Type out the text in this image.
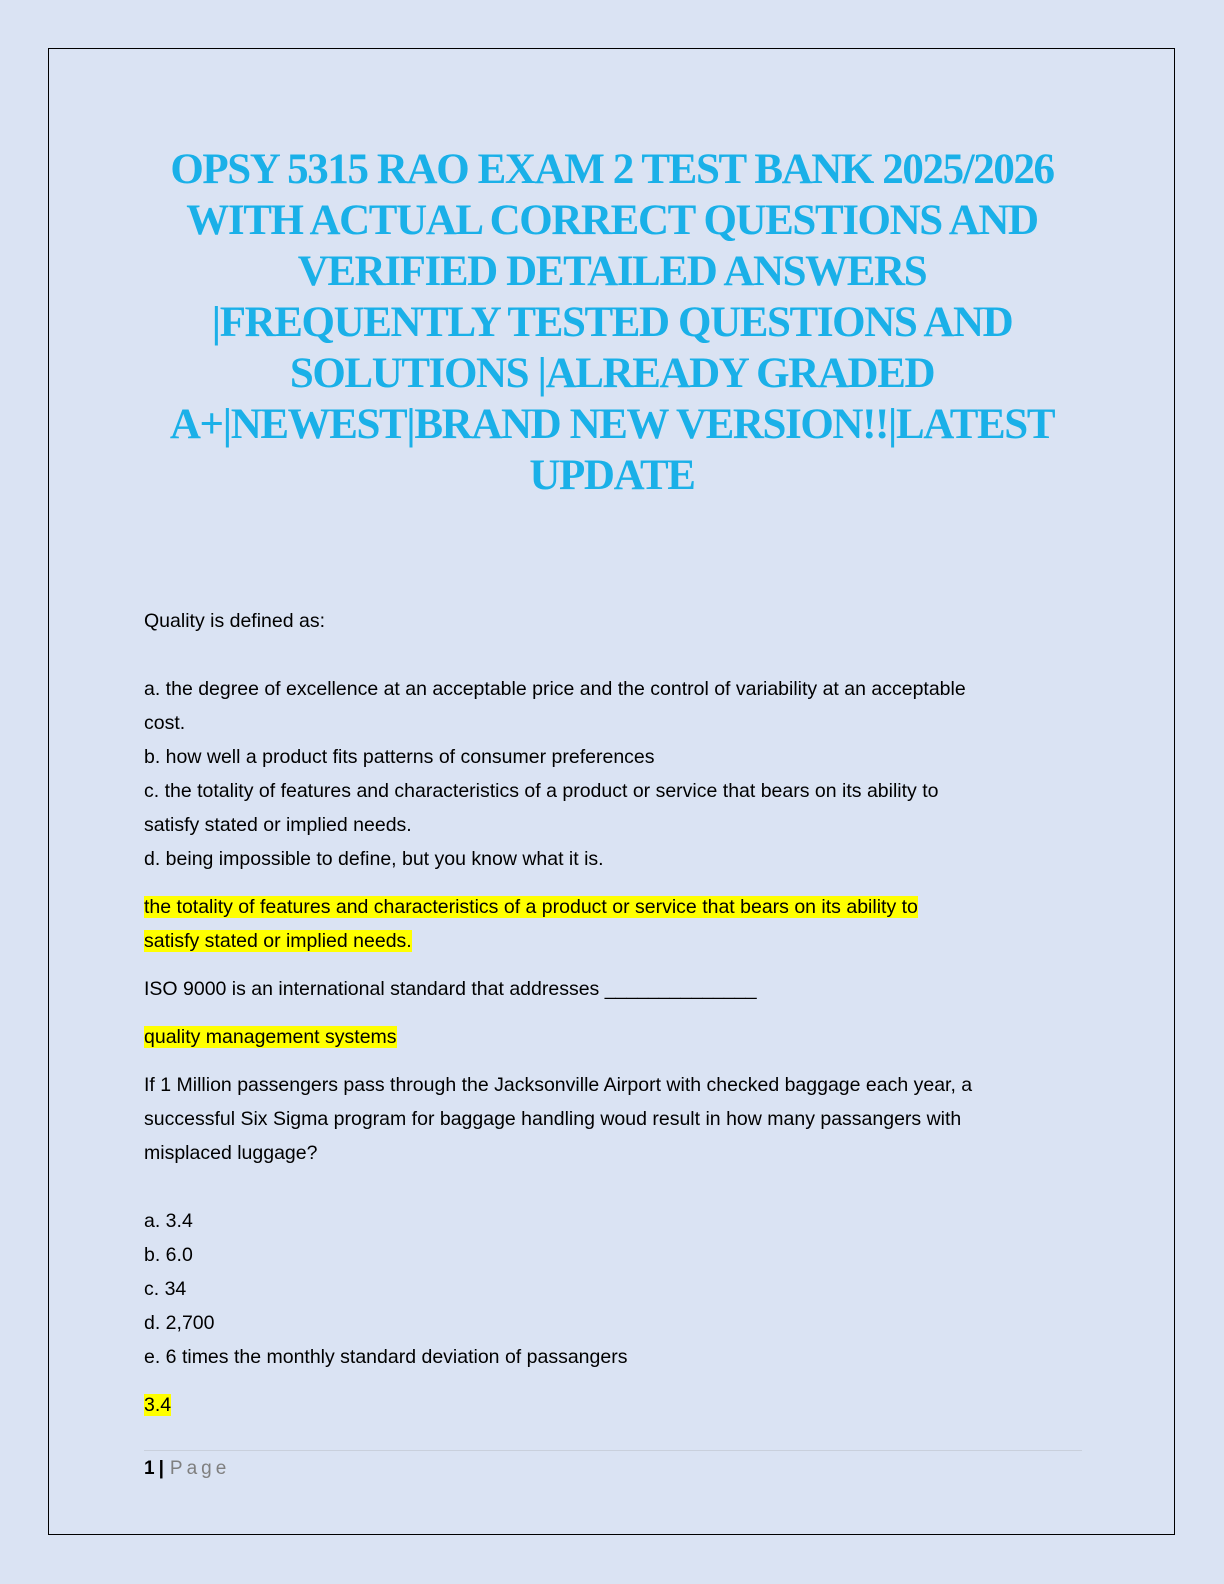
OPSY 5315 RAO EXAM 2 TEST BANK 2025/2026
WITH ACTUAL CORRECT QUESTIONS AND
VERIFIED DETAILED ANSWERS
|FREQUENTLY TESTED QUESTIONS AND
SOLUTIONS |ALREADY GRADED
A+|NEWEST|BRAND NEW VERSION!!|LATEST
UPDATE

Quality is defined as:

a. the degree of excellence at an acceptable price and the control of variability at an acceptable

cost.

b. how well a product fits patterns of consumer preferences

c. the totality of features and characteristics of a product or service that bears on its ability to

satisfy stated or implied needs.

d. being impossible to define, but you know what it is.

the totality of features and characteristics of a product or service that bears on its ability to

satisfy stated or implied needs.

ISO 9000 is an international standard that addresses ______________

quality management systems

If 1 Million passengers pass through the Jacksonville Airport with checked baggage each year, a

successful Six Sigma program for baggage handling woud result in how many passangers with

misplaced luggage?

a. 3.4

b. 6.0

c. 34

d. 2,700

e. 6 times the monthly standard deviation of passangers

3.4

1 | Page
